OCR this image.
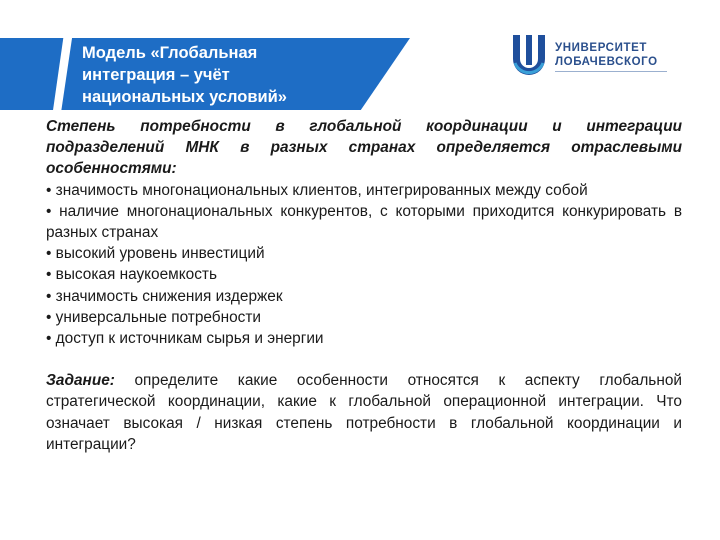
Модель «Глобальная
интеграция – учёт
национальных условий»
УНИВЕРСИТЕТ
ЛОБАЧЕВСКОГО

Степень потребности в глобальной координации и интеграции подразделений МНК в разных странах определяется отраслевыми особенностями:

• значимость многонациональных клиентов, интегрированных между собой

• наличие многонациональных конкурентов, с которыми приходится конкурировать в разных странах

• высокий уровень инвестиций

• высокая наукоемкость

• значимость снижения издержек

• универсальные потребности

• доступ к источникам сырья и энергии

Задание: определите какие особенности относятся к аспекту глобальной стратегической координации, какие к глобальной операционной интеграции. Что означает высокая / низкая степень потребности в глобальной координации и интеграции?
